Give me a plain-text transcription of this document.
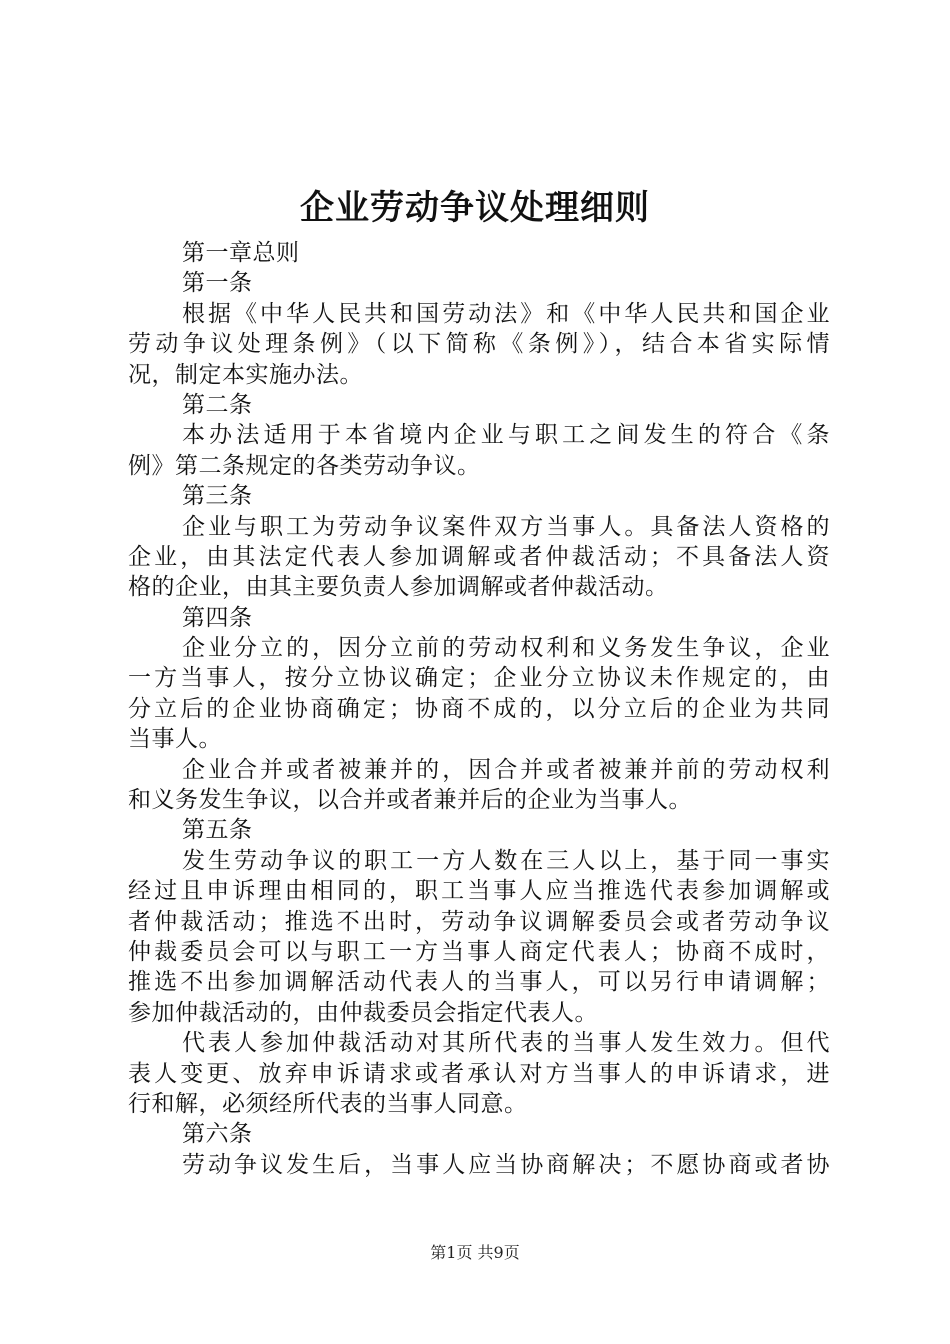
企业劳动争议处理细则
第一章总则
第一条
根据《中华人民共和国劳动法》和《中华人民共和国企业
劳动争议处理条例》（以下简称《条例》），结合本省实际情
况，制定本实施办法。
第二条
本办法适用于本省境内企业与职工之间发生的符合《条
例》第二条规定的各类劳动争议。
第三条
企业与职工为劳动争议案件双方当事人。具备法人资格的
企业，由其法定代表人参加调解或者仲裁活动；不具备法人资
格的企业，由其主要负责人参加调解或者仲裁活动。
第四条
企业分立的，因分立前的劳动权利和义务发生争议，企业
一方当事人，按分立协议确定；企业分立协议未作规定的，由
分立后的企业协商确定；协商不成的，以分立后的企业为共同
当事人。
企业合并或者被兼并的，因合并或者被兼并前的劳动权利
和义务发生争议，以合并或者兼并后的企业为当事人。
第五条
发生劳动争议的职工一方人数在三人以上，基于同一事实
经过且申诉理由相同的，职工当事人应当推选代表参加调解或
者仲裁活动；推选不出时，劳动争议调解委员会或者劳动争议
仲裁委员会可以与职工一方当事人商定代表人；协商不成时，
推选不出参加调解活动代表人的当事人，可以另行申请调解；
参加仲裁活动的，由仲裁委员会指定代表人。
代表人参加仲裁活动对其所代表的当事人发生效力。但代
表人变更、放弃申诉请求或者承认对方当事人的申诉请求，进
行和解，必须经所代表的当事人同意。
第六条
劳动争议发生后，当事人应当协商解决；不愿协商或者协
第1页 共9页
